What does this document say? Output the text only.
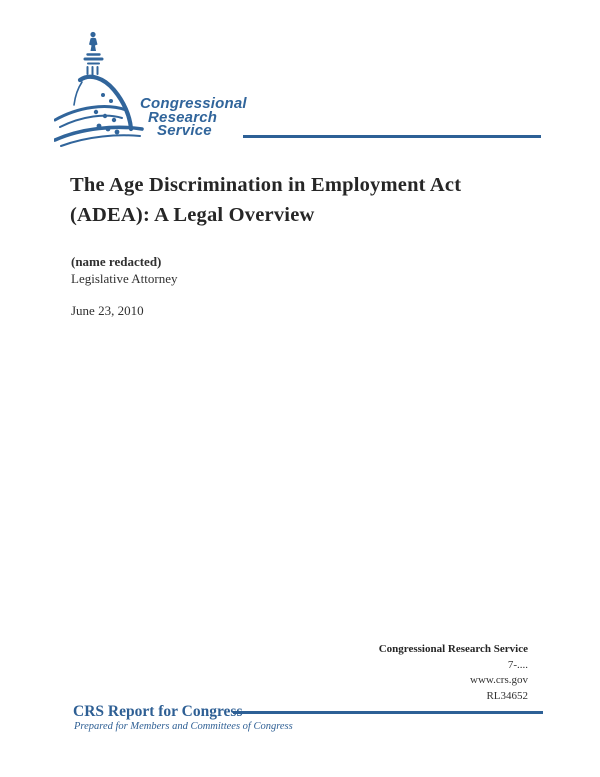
Congressional
Research
Service
The Age Discrimination in Employment Act
(ADEA): A Legal Overview
(name redacted)
Legislative Attorney
June 23, 2010
Congressional Research Service
7-....
www.crs.gov
RL34652
CRS Report for Congress
Prepared for Members and Committees of Congress
